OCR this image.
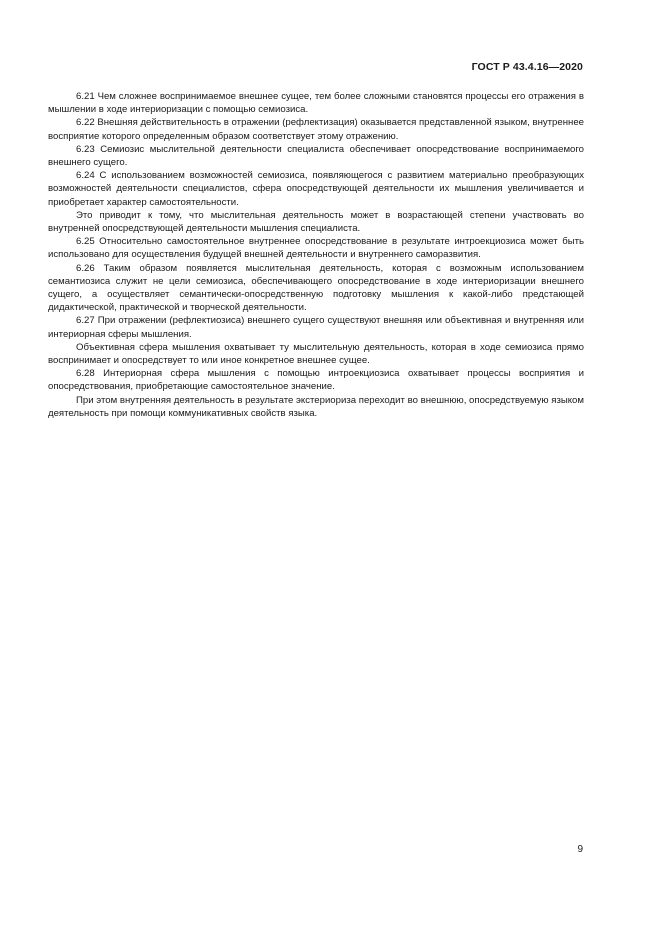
ГОСТ Р 43.4.16—2020

6.21 Чем сложнее воспринимаемое внешнее сущее, тем более сложными становятся процессы его отражения в мышлении в ходе интериоризации с помощью семиозиса.

6.22 Внешняя действительность в отражении (рефлектизация) оказывается представленной языком, внутреннее восприятие которого определенным образом соответствует этому отражению.

6.23 Семиозис мыслительной деятельности специалиста обеспечивает опосредствование воспринимаемого внешнего сущего.

6.24 С использованием возможностей семиозиса, появляющегося с развитием материально преобразующих возможностей деятельности специалистов, сфера опосредствующей деятельности их мышления увеличивается и приобретает характер самостоятельности.

Это приводит к тому, что мыслительная деятельность может в возрастающей степени участвовать во внутренней опосредствующей деятельности мышления специалиста.

6.25 Относительно самостоятельное внутреннее опосредствование в результате интроекциозиса может быть использовано для осуществления будущей внешней деятельности и внутреннего саморазвития.

6.26 Таким образом появляется мыслительная деятельность, которая с возможным использованием семантиозиса служит не цели семиозиса, обеспечивающего опосредствование в ходе интериоризации внешнего сущего, а осуществляет семантически-опосредственную подготовку мышления к какой-либо предстающей дидактической, практической и творческой деятельности.

6.27 При отражении (рефлектиозиса) внешнего сущего существуют внешняя или объективная и внутренняя или интериорная сферы мышления.

Объективная сфера мышления охватывает ту мыслительную деятельность, которая в ходе семиозиса прямо воспринимает и опосредствует то или иное конкретное внешнее сущее.

6.28 Интериорная сфера мышления с помощью интроекциозиса охватывает процессы восприятия и опосредствования, приобретающие самостоятельное значение.

При этом внутренняя деятельность в результате экстериориза переходит во внешнюю, опосредствуемую языком деятельность при помощи коммуникативных свойств языка.

9
